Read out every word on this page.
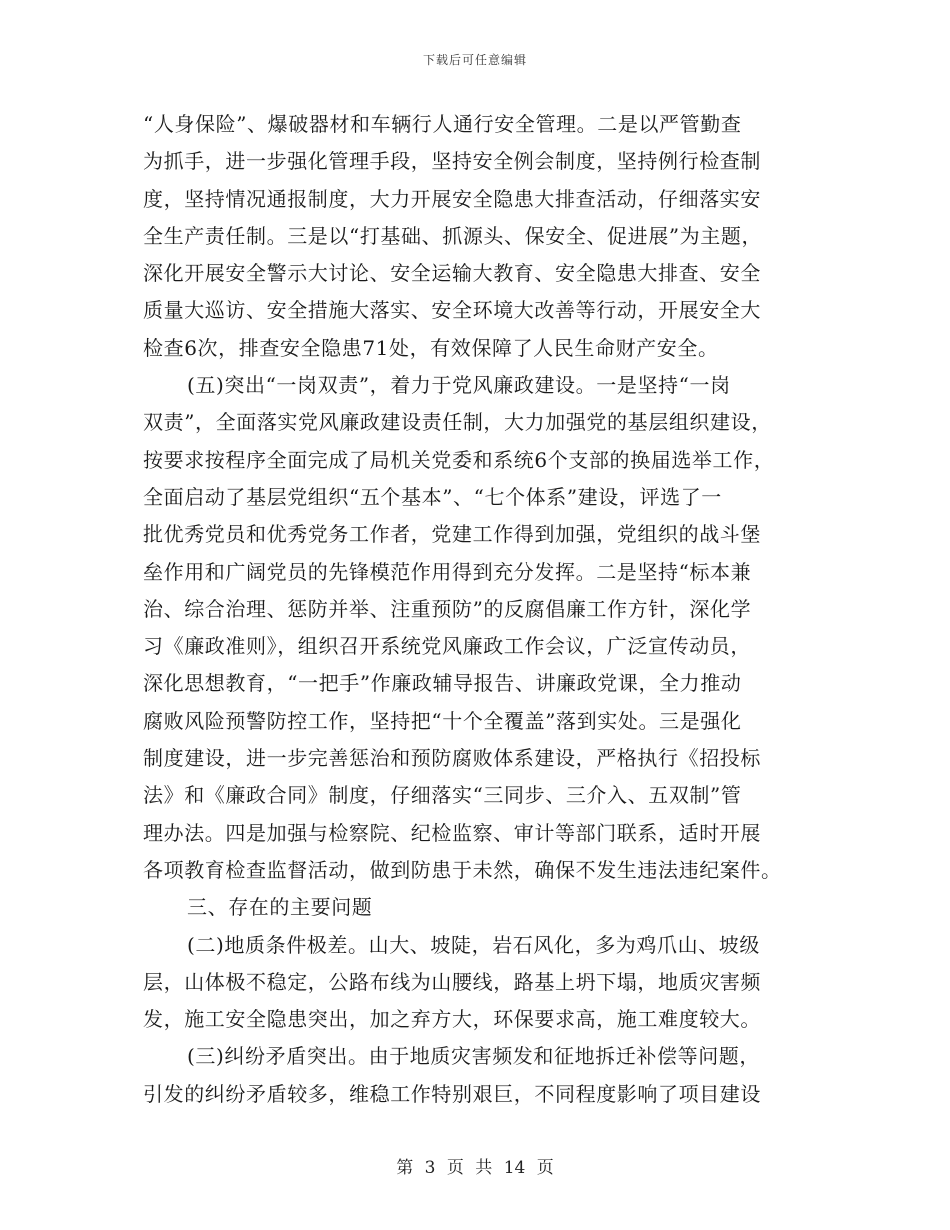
下载后可任意编辑
“人身保险”、爆破器材和车辆行人通行安全管理。二是以严管勤查
为抓手，进一步强化管理手段，坚持安全例会制度，坚持例行检查制
度，坚持情况通报制度，大力开展安全隐患大排查活动，仔细落实安
全生产责任制。三是以“打基础、抓源头、保安全、促进展”为主题，
深化开展安全警示大讨论、安全运输大教育、安全隐患大排查、安全
质量大巡访、安全措施大落实、安全环境大改善等行动，开展安全大
检查6次，排查安全隐患71处，有效保障了人民生命财产安全。
(五)突出“一岗双责”，着力于党风廉政建设。一是坚持“一岗
双责”，全面落实党风廉政建设责任制，大力加强党的基层组织建设，
按要求按程序全面完成了局机关党委和系统6个支部的换届选举工作，
全面启动了基层党组织“五个基本”、“七个体系”建设，评选了一
批优秀党员和优秀党务工作者，党建工作得到加强，党组织的战斗堡
垒作用和广阔党员的先锋模范作用得到充分发挥。二是坚持“标本兼
治、综合治理、惩防并举、注重预防”的反腐倡廉工作方针，深化学
习《廉政准则》，组织召开系统党风廉政工作会议，广泛宣传动员，
深化思想教育，“一把手”作廉政辅导报告、讲廉政党课，全力推动
腐败风险预警防控工作，坚持把“十个全覆盖”落到实处。三是强化
制度建设，进一步完善惩治和预防腐败体系建设，严格执行《招投标
法》和《廉政合同》制度，仔细落实“三同步、三介入、五双制”管
理办法。四是加强与检察院、纪检监察、审计等部门联系，适时开展
各项教育检查监督活动，做到防患于未然，确保不发生违法违纪案件。
三、存在的主要问题
(二)地质条件极差。山大、坡陡，岩石风化，多为鸡爪山、坡级
层，山体极不稳定，公路布线为山腰线，路基上坍下塌，地质灾害频
发，施工安全隐患突出，加之弃方大，环保要求高，施工难度较大。
(三)纠纷矛盾突出。由于地质灾害频发和征地拆迁补偿等问题，
引发的纠纷矛盾较多，维稳工作特别艰巨，不同程度影响了项目建设
第 3 页 共 14 页
